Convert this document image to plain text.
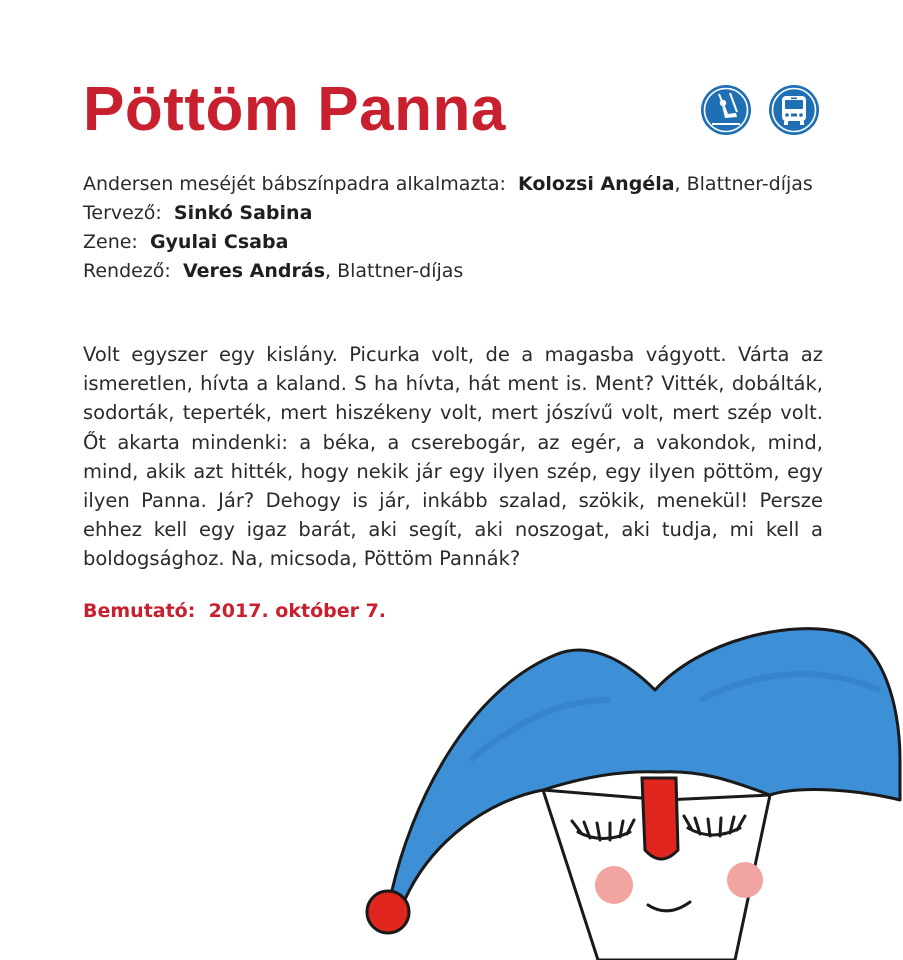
Pöttöm Panna
Andersen meséjét bábszínpadra alkalmazta: Kolozsi Angéla, Blattner-díjas
Tervező: Sinkó Sabina
Zene: Gyulai Csaba
Rendező: Veres András, Blattner-díjas

Volt egyszer egy kislány. Picurka volt, de a magasba vágyott. Várta az ismeretlen, hívta a kaland. S ha hívta, hát ment is. Ment? Vitték, dobálták, sodorták, teperték, mert hiszékeny volt, mert jószívű volt, mert szép volt. Őt akarta mindenki: a béka, a cserebogár, az egér, a vakondok, mind, mind, akik azt hitték, hogy nekik jár egy ilyen szép, egy ilyen pöttöm, egy ilyen Panna. Jár? Dehogy is jár, inkább szalad, szökik, menekül! Persze ehhez kell egy igaz barát, aki segít, aki noszogat, aki tudja, mi kell a boldogsághoz. Na, micsoda, Pöttöm Pannák?

Bemutató: 2017. október 7.
